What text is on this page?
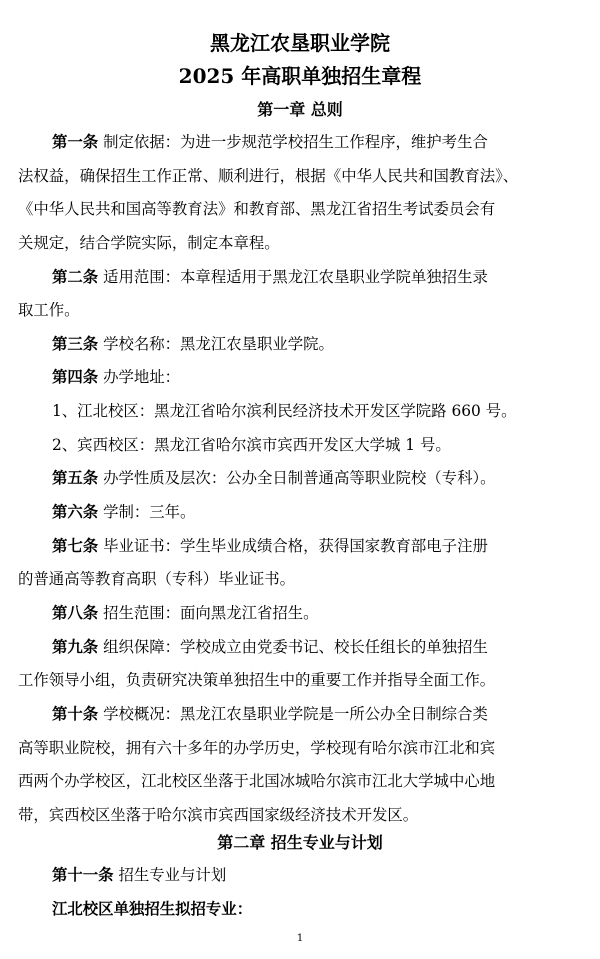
黑龙江农垦职业学院
2025 年高职单独招生章程
第一章 总则
第一条 制定依据：为进一步规范学校招生工作程序，维护考生合
法权益，确保招生工作正常、顺利进行，根据《中华人民共和国教育法》、
《中华人民共和国高等教育法》和教育部、黑龙江省招生考试委员会有
关规定，结合学院实际，制定本章程。
第二条 适用范围：本章程适用于黑龙江农垦职业学院单独招生录
取工作。
第三条 学校名称：黑龙江农垦职业学院。
第四条 办学地址：
1、江北校区：黑龙江省哈尔滨利民经济技术开发区学院路 660 号。
2、宾西校区：黑龙江省哈尔滨市宾西开发区大学城 1 号。
第五条 办学性质及层次：公办全日制普通高等职业院校（专科）。
第六条 学制：三年。
第七条 毕业证书：学生毕业成绩合格，获得国家教育部电子注册
的普通高等教育高职（专科）毕业证书。
第八条 招生范围：面向黑龙江省招生。
第九条 组织保障：学校成立由党委书记、校长任组长的单独招生
工作领导小组，负责研究决策单独招生中的重要工作并指导全面工作。
第十条 学校概况：黑龙江农垦职业学院是一所公办全日制综合类
高等职业院校，拥有六十多年的办学历史，学校现有哈尔滨市江北和宾
西两个办学校区，江北校区坐落于北国冰城哈尔滨市江北大学城中心地
带，宾西校区坐落于哈尔滨市宾西国家级经济技术开发区。
第二章 招生专业与计划
第十一条 招生专业与计划
江北校区单独招生拟招专业：
1
